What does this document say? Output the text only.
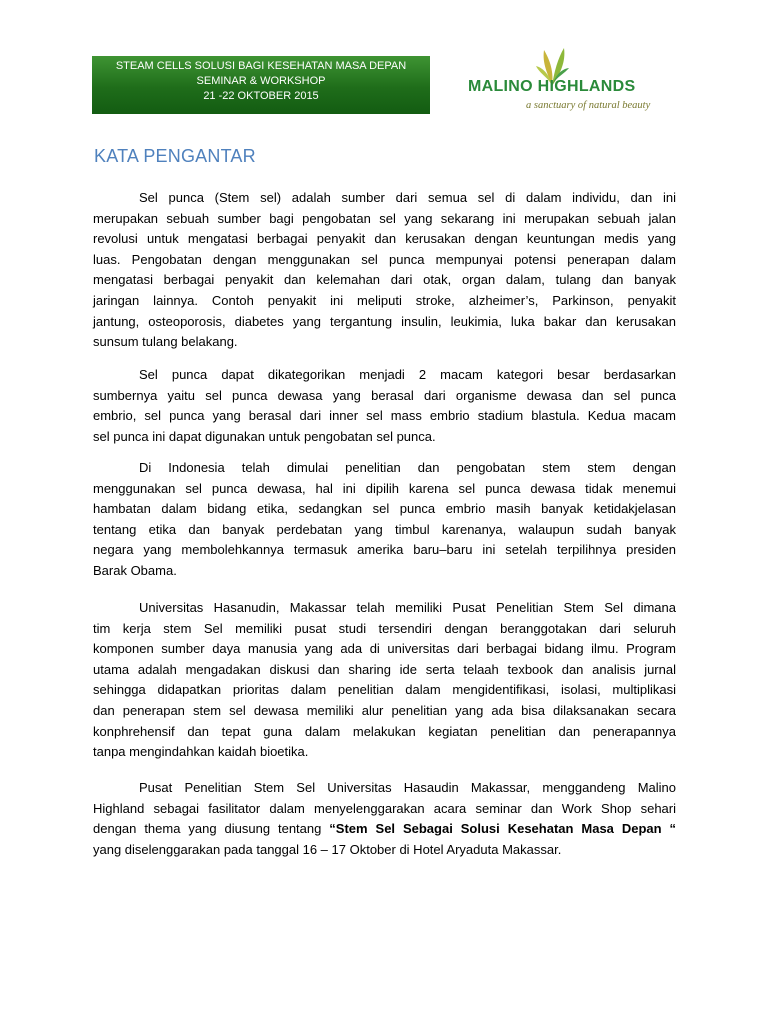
STEAM CELLS SOLUSI BAGI KESEHATAN MASA DEPAN
SEMINAR & WORKSHOP
21 -22 OKTOBER 2015
MALINO HIGHLANDS
a sanctuary of natural beauty
KATA PENGANTAR
Sel punca (Stem sel) adalah sumber dari semua sel di dalam individu, dan ini
merupakan sebuah sumber bagi pengobatan sel yang sekarang ini merupakan sebuah jalan
revolusi untuk mengatasi berbagai penyakit dan kerusakan dengan keuntungan medis yang
luas. Pengobatan dengan menggunakan sel punca mempunyai potensi penerapan dalam
mengatasi berbagai penyakit dan kelemahan dari otak, organ dalam, tulang dan banyak
jaringan lainnya. Contoh penyakit ini meliputi stroke, alzheimer’s, Parkinson, penyakit
jantung, osteoporosis, diabetes yang tergantung insulin, leukimia, luka bakar dan kerusakan
sunsum tulang belakang.
Sel punca dapat dikategorikan menjadi 2 macam kategori besar berdasarkan
sumbernya yaitu sel punca dewasa yang berasal dari organisme dewasa dan sel punca
embrio, sel punca yang berasal dari inner sel mass embrio stadium blastula. Kedua macam
sel punca ini dapat digunakan untuk pengobatan sel punca.
Di Indonesia telah dimulai penelitian dan pengobatan stem stem dengan
menggunakan sel punca dewasa, hal ini dipilih karena sel punca dewasa tidak menemui
hambatan dalam bidang etika, sedangkan sel punca embrio masih banyak ketidakjelasan
tentang etika dan banyak perdebatan yang timbul karenanya, walaupun sudah banyak
negara yang membolehkannya termasuk amerika baru–baru ini setelah terpilihnya presiden
Barak Obama.
Universitas Hasanudin, Makassar telah memiliki Pusat Penelitian Stem Sel dimana
tim kerja stem Sel memiliki pusat studi tersendiri dengan beranggotakan dari seluruh
komponen sumber daya manusia yang ada di universitas dari berbagai bidang ilmu. Program
utama adalah mengadakan diskusi dan sharing ide serta telaah texbook dan analisis jurnal
sehingga didapatkan prioritas dalam penelitian dalam mengidentifikasi, isolasi, multiplikasi
dan penerapan stem sel dewasa memiliki alur penelitian yang ada bisa dilaksanakan secara
konphrehensif dan tepat guna dalam melakukan kegiatan penelitian dan penerapannya
tanpa mengindahkan kaidah bioetika.
Pusat Penelitian Stem Sel Universitas Hasaudin Makassar, menggandeng Malino
Highland sebagai fasilitator dalam menyelenggarakan acara seminar dan Work Shop sehari
dengan thema yang diusung tentang “Stem Sel Sebagai Solusi Kesehatan Masa Depan “
yang diselenggarakan pada tanggal 16 – 17 Oktober di Hotel Aryaduta Makassar.
